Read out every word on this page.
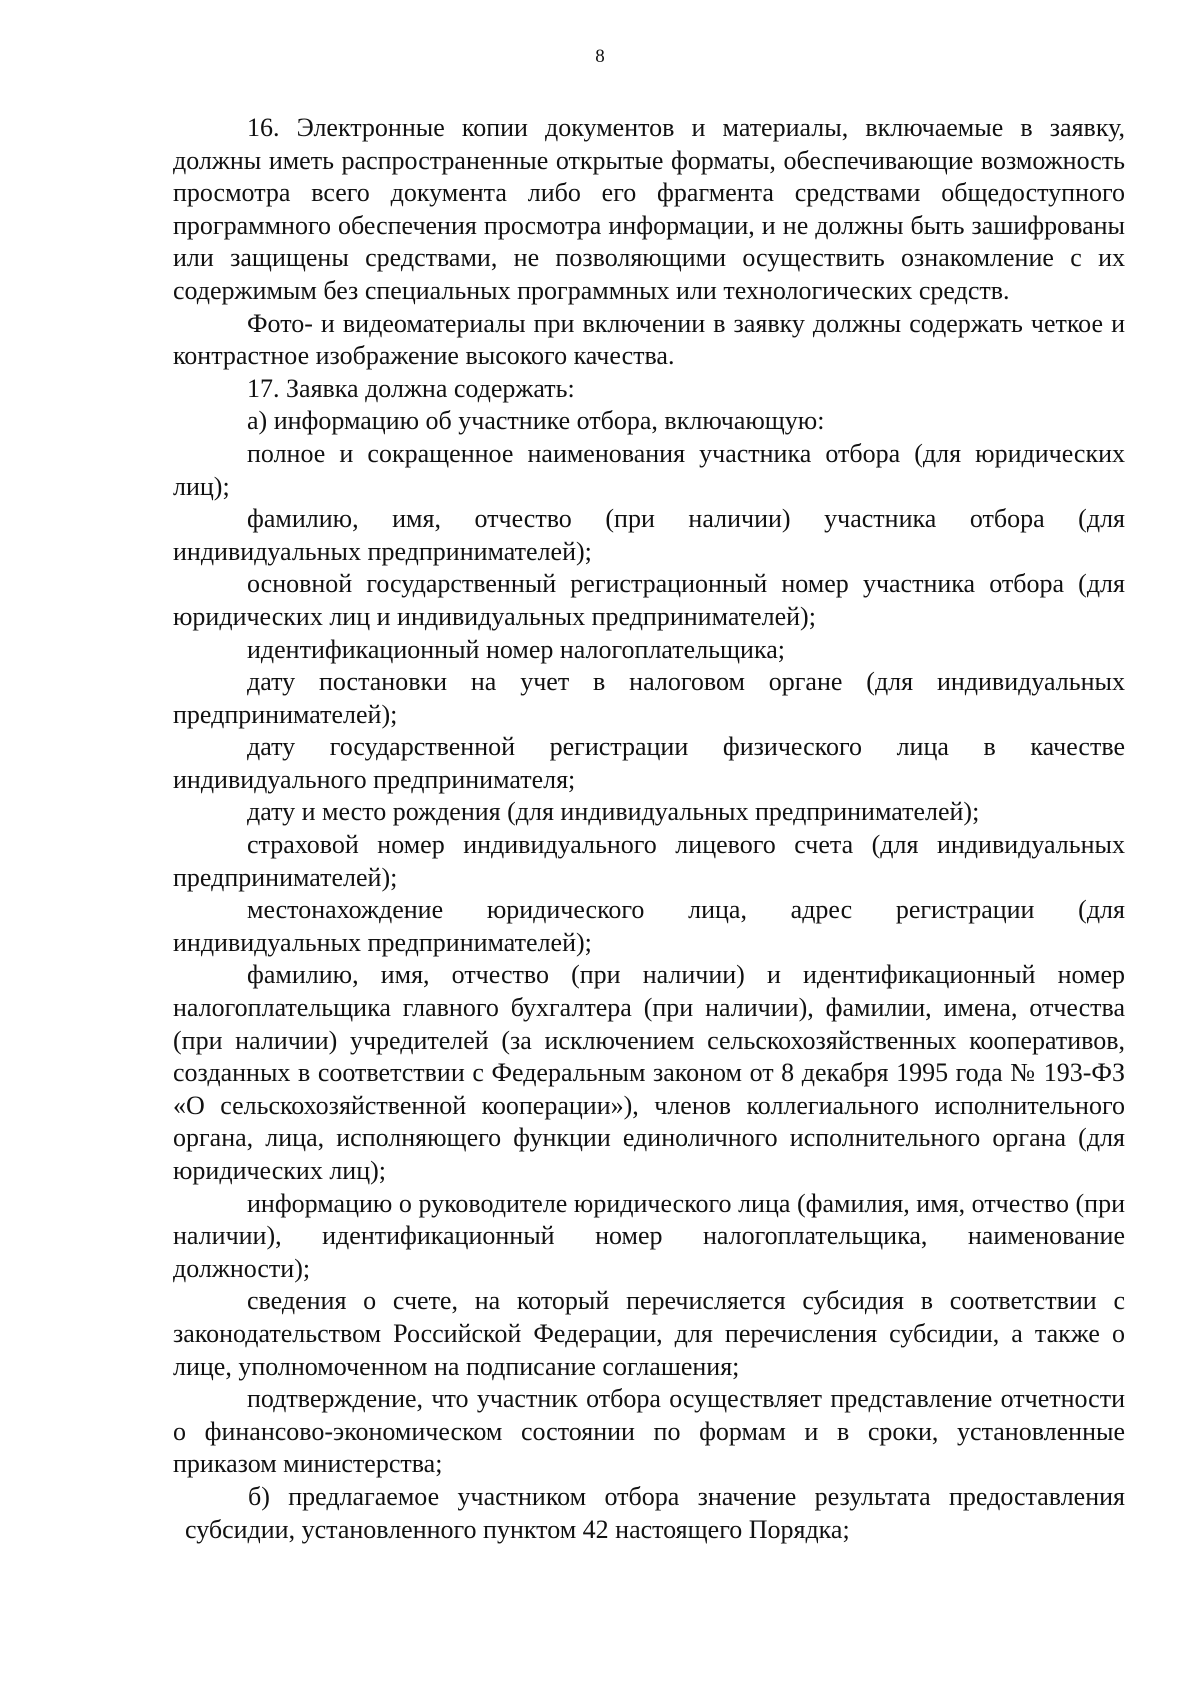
8

16. Электронные копии документов и материалы, включаемые в заявку, должны иметь распространенные открытые форматы, обеспечивающие возможность просмотра всего документа либо его фрагмента средствами общедоступного программного обеспечения просмотра информации, и не должны быть зашифрованы или защищены средствами, не позволяющими осуществить ознакомление с их содержимым без специальных программных или технологических средств.

Фото- и видеоматериалы при включении в заявку должны содержать четкое и контрастное изображение высокого качества.

17. Заявка должна содержать:

а) информацию об участнике отбора, включающую:

полное и сокращенное наименования участника отбора (для юридических лиц);

фамилию, имя, отчество (при наличии) участника отбора (для индивидуальных предпринимателей);

основной государственный регистрационный номер участника отбора (для юридических лиц и индивидуальных предпринимателей);

идентификационный номер налогоплательщика;

дату постановки на учет в налоговом органе (для индивидуальных предпринимателей);

дату государственной регистрации физического лица в качестве индивидуального предпринимателя;

дату и место рождения (для индивидуальных предпринимателей);

страховой номер индивидуального лицевого счета (для индивидуальных предпринимателей);

местонахождение юридического лица, адрес регистрации (для индивидуальных предпринимателей);

фамилию, имя, отчество (при наличии) и идентификационный номер налогоплательщика главного бухгалтера (при наличии), фамилии, имена, отчества (при наличии) учредителей (за исключением сельскохозяйственных кооперативов, созданных в соответствии с Федеральным законом от 8 декабря 1995 года № 193-ФЗ «О сельскохозяйственной кооперации»), членов коллегиального исполнительного органа, лица, исполняющего функции единоличного исполнительного органа (для юридических лиц);

информацию о руководителе юридического лица (фамилия, имя, отчество (при наличии), идентификационный номер налогоплательщика, наименование должности);

сведения о счете, на который перечисляется субсидия в соответствии с законодательством Российской Федерации, для перечисления субсидии, а также о лице, уполномоченном на подписание соглашения;

подтверждение, что участник отбора осуществляет представление отчетности о финансово-экономическом состоянии по формам и в сроки, установленные приказом министерства;

б) предлагаемое участником отбора значение результата предоставления субсидии, установленного пунктом 42 настоящего Порядка;
